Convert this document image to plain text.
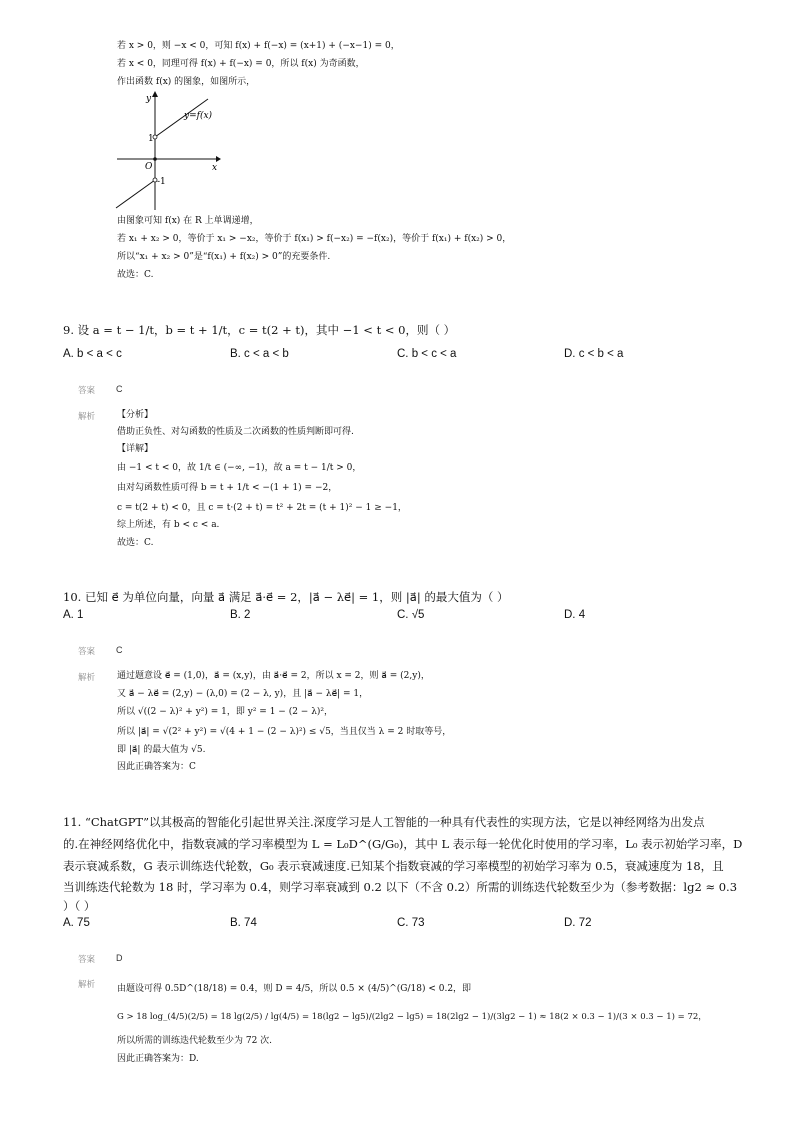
若 x > 0，则 −x < 0，可知 f(x) + f(−x) = (x+1) + (−x−1) = 0，
若 x < 0，同理可得 f(x) + f(−x) = 0，所以 f(x) 为奇函数，
作出函数 f(x) 的图象，如图所示，
y
x
O
y=f(x)
1
-1
由图象可知 f(x) 在 R 上单调递增，
若 x₁ + x₂ > 0，等价于 x₁ > −x₂，等价于 f(x₁) > f(−x₂) = −f(x₂)，等价于 f(x₁) + f(x₂) > 0，
所以“x₁ + x₂ > 0”是“f(x₁) + f(x₂) > 0”的充要条件.
故选：C.
9. 设 a = t − 1/t，b = t + 1/t，c = t(2 + t)，其中 −1 < t < 0，则（ ）
A. b < a < c	B. c < a < b	C. b < c < a	D. c < b < a
答案 C
解析 【分析】
借助正负性、对勾函数的性质及二次函数的性质判断即可得.
【详解】
由 −1 < t < 0，故 1/t ∈ (−∞, −1)，故 a = t − 1/t > 0，
由对勾函数性质可得 b = t + 1/t < −(1 + 1) = −2，
c = t(2 + t) < 0，且 c = t·(2 + t) = t² + 2t = (t + 1)² − 1 ≥ −1，
综上所述，有 b < c < a.
故选：C.
10. 已知 e⃗ 为单位向量，向量 a⃗ 满足 a⃗·e⃗ = 2，|a⃗ − λe⃗| = 1，则 |a⃗| 的最大值为（ ）
A. 1	B. 2	C. √5	D. 4
答案 C
解析 通过题意设 e⃗ = (1,0)，a⃗ = (x,y)，由 a⃗·e⃗ = 2，所以 x = 2，则 a⃗ = (2,y)，
又 a⃗ − λe⃗ = (2,y) − (λ,0) = (2 − λ, y)，且 |a⃗ − λe⃗| = 1，
所以 √((2 − λ)² + y²) = 1，即 y² = 1 − (2 − λ)²，
所以 |a⃗| = √(2² + y²) = √(4 + 1 − (2 − λ)²) ≤ √5，当且仅当 λ = 2 时取等号，
即 |a⃗| 的最大值为 √5.
因此正确答案为：C
11. “ChatGPT”以其极高的智能化引起世界关注.深度学习是人工智能的一种具有代表性的实现方法，它是以神经网络为出发点
的.在神经网络优化中，指数衰减的学习率模型为 L = L₀D^(G/G₀)，其中 L 表示每一轮优化时使用的学习率，L₀ 表示初始学习率，D
表示衰减系数，G 表示训练迭代轮数，G₀ 表示衰减速度.已知某个指数衰减的学习率模型的初始学习率为 0.5，衰减速度为 18，且
当训练迭代轮数为 18 时，学习率为 0.4，则学习率衰减到 0.2 以下（不含 0.2）所需的训练迭代轮数至少为（参考数据：lg2 ≈ 0.3
）（ ）
A. 75	B. 74	C. 73	D. 72
答案 D
解析 由题设可得 0.5D^(18/18) = 0.4，则 D = 4/5，所以 0.5 × (4/5)^(G/18) < 0.2，即
G > 18 log_(4/5)(2/5) = 18 lg(2/5) / lg(4/5) = 18(lg2 − lg5)/(2lg2 − lg5) = 18(2lg2 − 1)/(3lg2 − 1) ≈ 18(2 × 0.3 − 1)/(3 × 0.3 − 1) = 72，
所以所需的训练迭代轮数至少为 72 次.
因此正确答案为：D.
